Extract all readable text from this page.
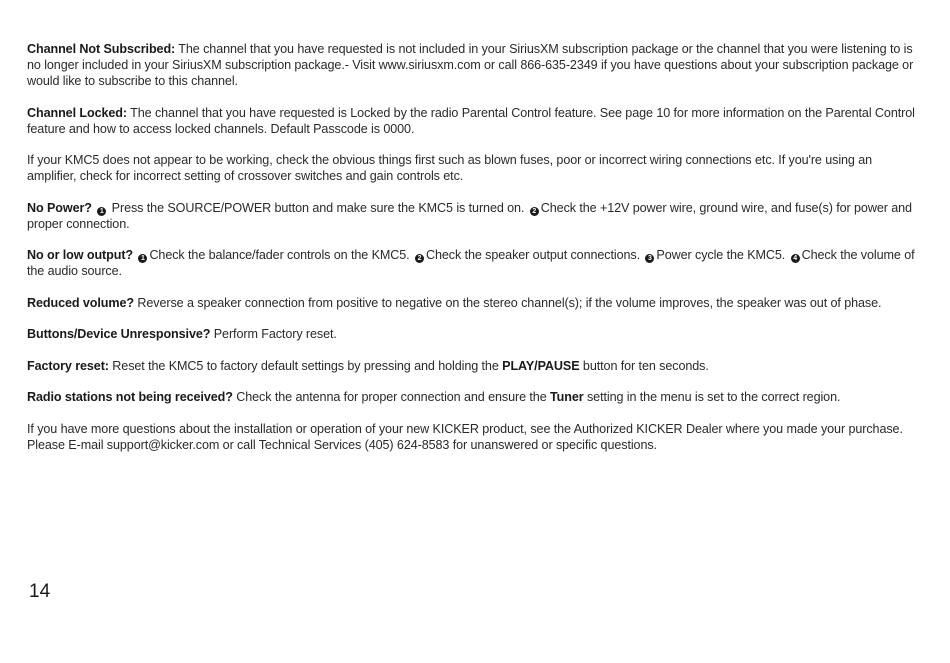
Channel Not Subscribed: The channel that you have requested is not included in your SiriusXM subscription package or the channel that you were listening to is no longer included in your SiriusXM subscription package.- Visit www.siriusxm.com or call 866-635-2349 if you have questions about your subscription package or would like to subscribe to this channel.

Channel Locked: The channel that you have requested is Locked by the radio Parental Control feature. See page 10 for more information on the Parental Control feature and how to access locked channels. Default Passcode is 0000.

If your KMC5 does not appear to be working, check the obvious things first such as blown fuses, poor or incorrect wiring connections etc. If you're using an amplifier, check for incorrect setting of crossover switches and gain controls etc.

No Power? 1 Press the SOURCE/POWER button and make sure the KMC5 is turned on. 2 Check the +12V power wire, ground wire, and fuse(s) for power and proper connection.

No or low output? 1 Check the balance/fader controls on the KMC5. 2 Check the speaker output connections. 3 Power cycle the KMC5. 4 Check the volume of the audio source.

Reduced volume? Reverse a speaker connection from positive to negative on the stereo channel(s); if the volume improves, the speaker was out of phase.

Buttons/Device Unresponsive? Perform Factory reset.

Factory reset: Reset the KMC5 to factory default settings by pressing and holding the PLAY/PAUSE button for ten seconds.

Radio stations not being received? Check the antenna for proper connection and ensure the Tuner setting in the menu is set to the correct region.

If you have more questions about the installation or operation of your new KICKER product, see the Authorized KICKER Dealer where you made your purchase. Please E-mail support@kicker.com or call Technical Services (405) 624-8583 for unanswered or specific questions.

14
